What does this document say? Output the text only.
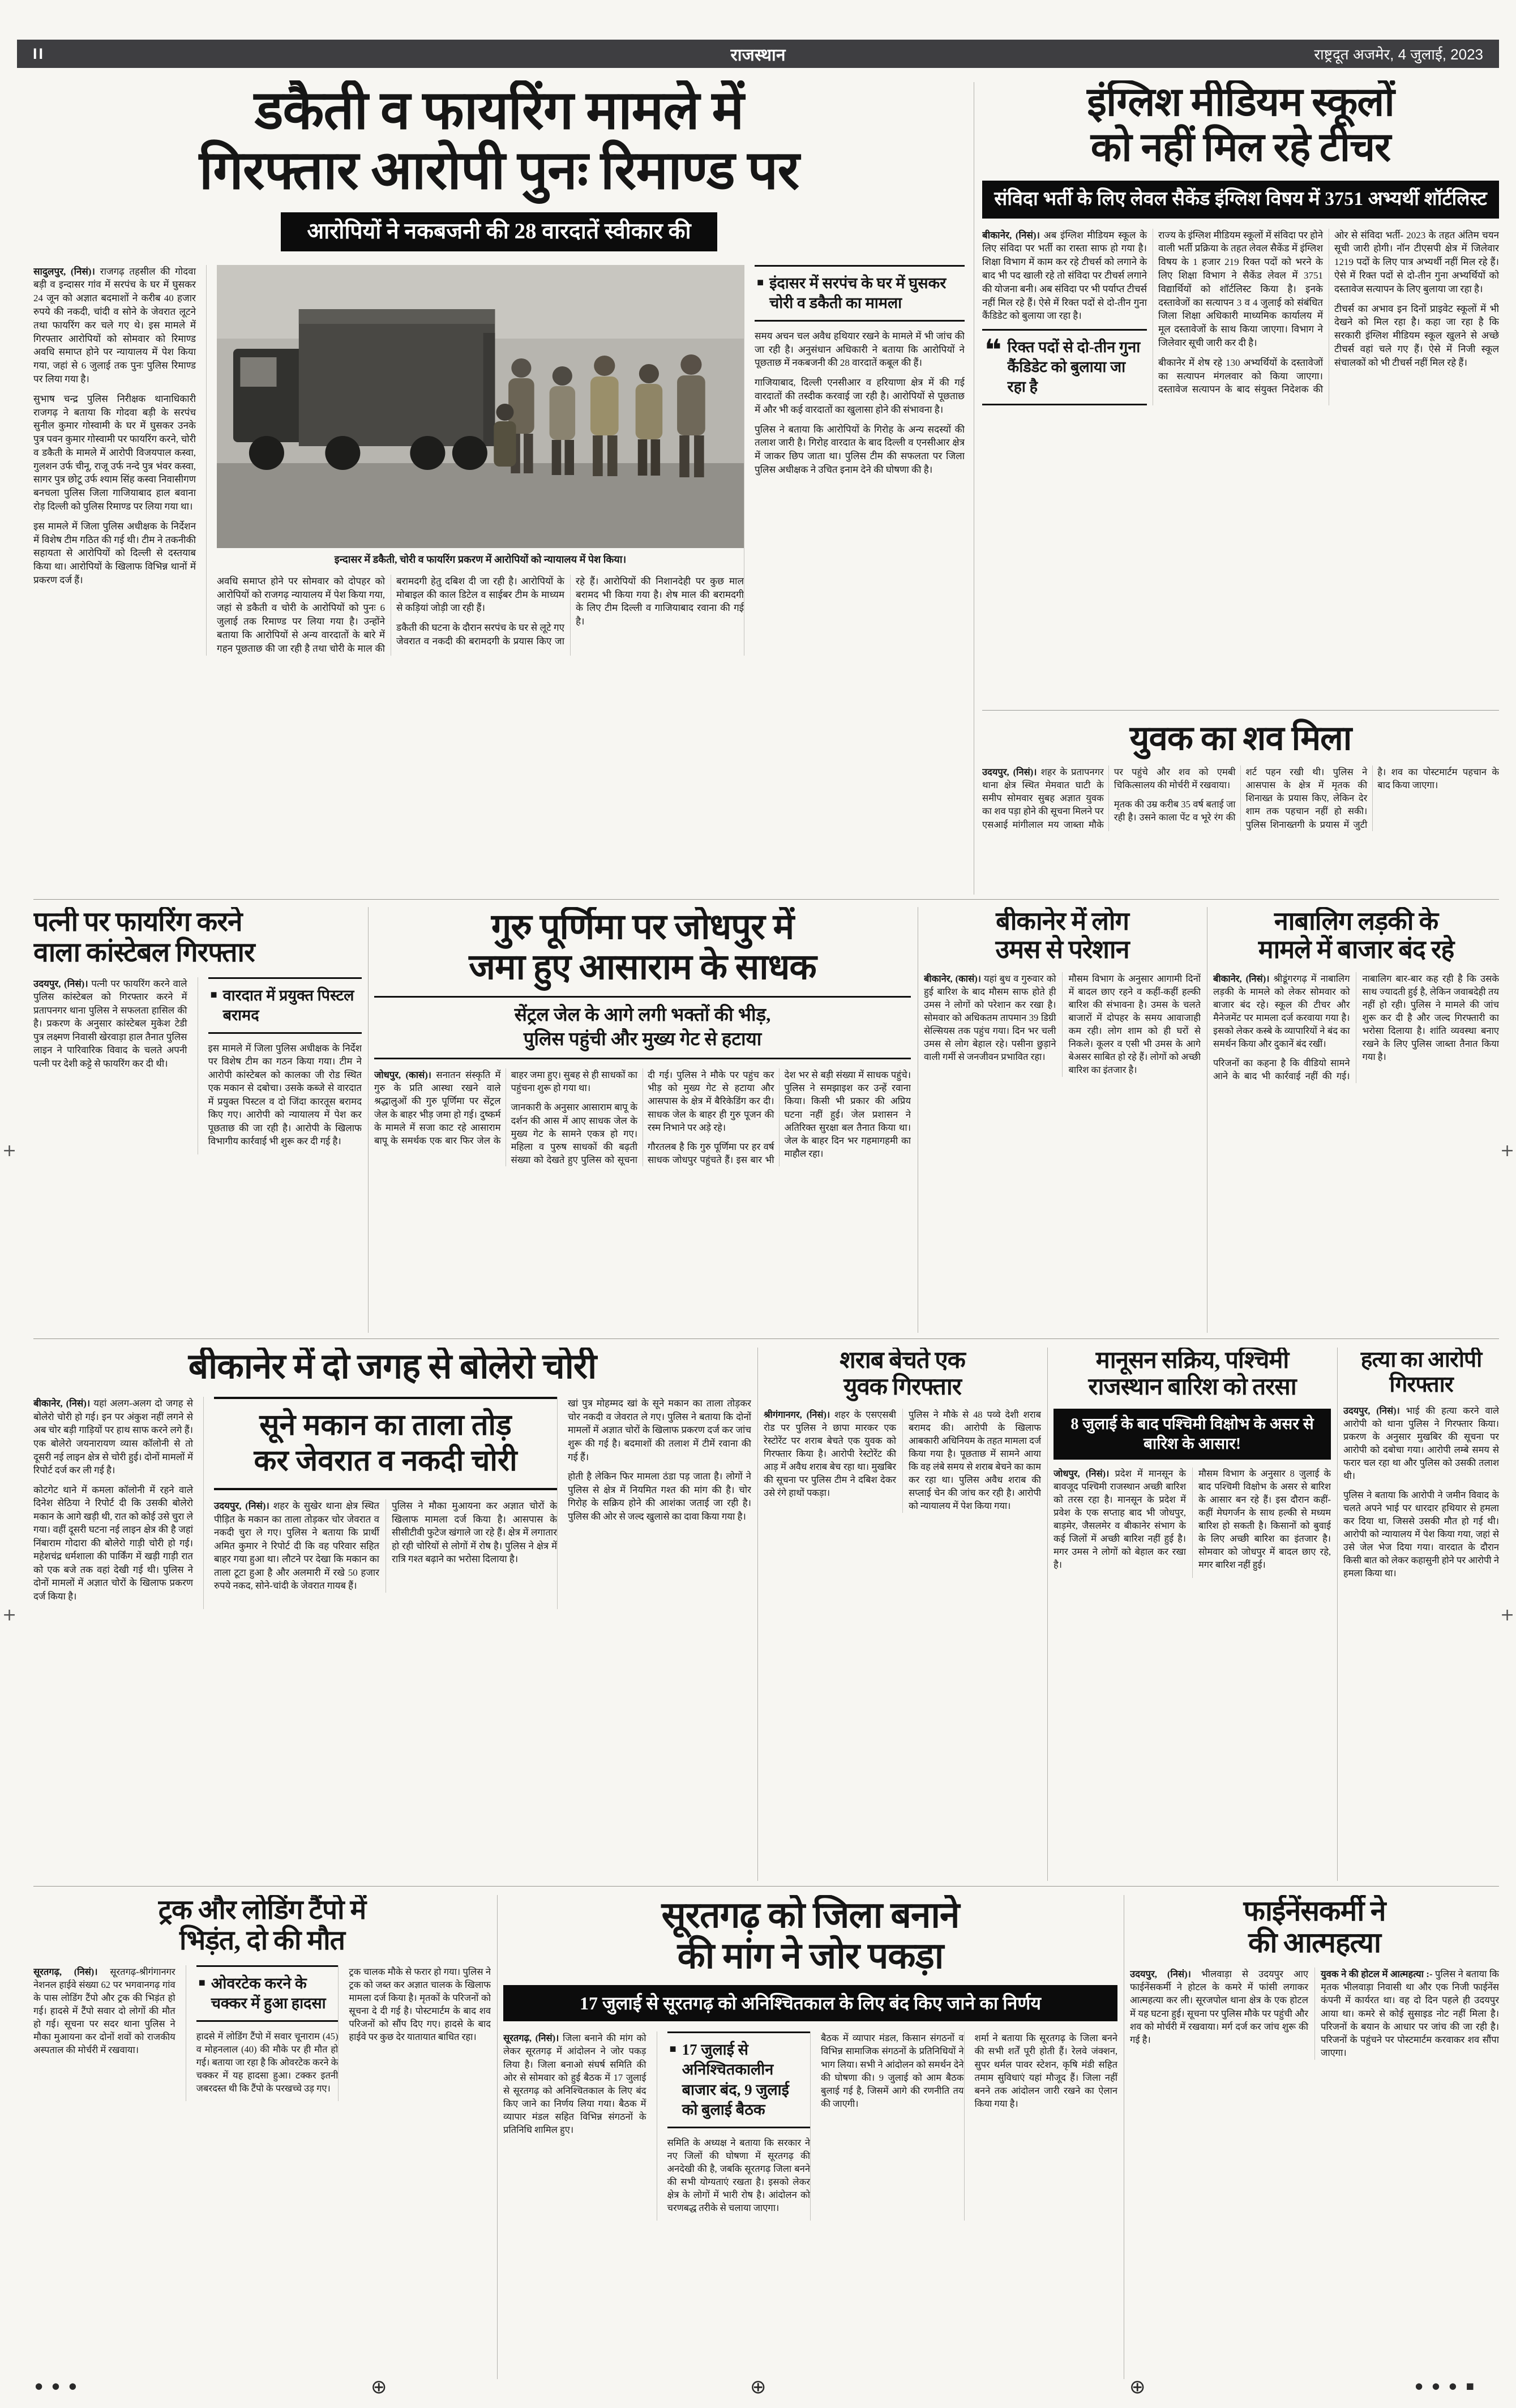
II	राजस्थान	राष्ट्रदूत अजमेर, 4 जुलाई, 2023
डकैती व फायरिंग मामले में
गिरफ्तार आरोपी पुनः रिमाण्ड पर
आरोपियों ने नकबजनी की 28 वारदातें स्वीकार की

सादुलपुर, (निसं)। राजगढ़ तहसील की गोदवा बड़ी व इन्दासर गांव में सरपंच के घर में घुसकर 24 जून को अज्ञात बदमाशों ने करीब 40 हजार रुपये की नकदी, चांदी व सोने के जेवरात लूटने तथा फायरिंग कर चले गए थे। इस मामले में गिरफ्तार आरोपियों को सोमवार को रिमाण्ड अवधि समाप्त होने पर न्यायालय में पेश किया गया, जहां से 6 जुलाई तक पुनः पुलिस रिमाण्ड पर लिया गया है।

सुभाष चन्द्र पुलिस निरीक्षक थानाधिकारी राजगढ़ ने बताया कि गोदवा बड़ी के सरपंच सुनील कुमार गोस्वामी के घर में घुसकर उनके पुत्र पवन कुमार गोस्वामी पर फायरिंग करने, चोरी व डकैती के मामले में आरोपी विजयपाल कस्वा, गुलशन उर्फ चीनू, राजू उर्फ नन्दे पुत्र भंवर कस्वा, सागर पुत्र छोटू उर्फ श्याम सिंह कस्वा निवासीगण बनचला पुलिस जिला गाजियाबाद हाल बवाना रोड़ दिल्ली को पुलिस रिमाण्ड पर लिया गया था।

इस मामले में जिला पुलिस अधीक्षक के निर्देशन में विशेष टीम गठित की गई थी। टीम ने तकनीकी सहायता से आरोपियों को दिल्ली से दस्तयाब किया था। आरोपियों के खिलाफ विभिन्न थानों में प्रकरण दर्ज हैं।

इन्दासर में डकैती, चोरी व फायरिंग प्रकरण में आरोपियों को न्यायालय में पेश किया।

अवधि समाप्त होने पर सोमवार को दोपहर को आरोपियों को राजगढ़ न्यायालय में पेश किया गया, जहां से डकैती व चोरी के आरोपियों को पुनः 6 जुलाई तक रिमाण्ड पर लिया गया है। उन्होंने बताया कि आरोपियों से अन्य वारदातों के बारे में गहन पूछताछ की जा रही है तथा चोरी के माल की बरामदगी हेतु दबिश दी जा रही है। आरोपियों के मोबाइल की काल डिटेल व साईबर टीम के माध्यम से कड़ियां जोड़ी जा रही हैं।

डकैती की घटना के दौरान सरपंच के घर से लूटे गए जेवरात व नकदी की बरामदगी के प्रयास किए जा रहे हैं। आरोपियों की निशानदेही पर कुछ माल बरामद भी किया गया है। शेष माल की बरामदगी के लिए टीम दिल्ली व गाजियाबाद रवाना की गई है।

■ इंदासर में सरपंच के घर में घुसकर चोरी व डकैती का मामला

समय अचन चल अवैध हथियार रखने के मामले में भी जांच की जा रही है। अनुसंधान अधिकारी ने बताया कि आरोपियों ने पूछताछ में नकबजनी की 28 वारदातें कबूल की हैं।

गाजियाबाद, दिल्ली एनसीआर व हरियाणा क्षेत्र में की गई वारदातों की तस्दीक करवाई जा रही है। आरोपियों से पूछताछ में और भी कई वारदातों का खुलासा होने की संभावना है।

पुलिस ने बताया कि आरोपियों के गिरोह के अन्य सदस्यों की तलाश जारी है। गिरोह वारदात के बाद दिल्ली व एनसीआर क्षेत्र में जाकर छिप जाता था। पुलिस टीम की सफलता पर जिला पुलिस अधीक्षक ने उचित इनाम देने की घोषणा की है।

इंग्लिश मीडियम स्कूलों
को नहीं मिल रहे टीचर
संविदा भर्ती के लिए लेवल सैकेंड इंग्लिश विषय में 3751 अभ्यर्थी शॉर्टलिस्ट

बीकानेर, (निसं)। अब इंग्लिश मीडियम स्कूल के लिए संविदा पर भर्ती का रास्ता साफ हो गया है। शिक्षा विभाग में काम कर रहे टीचर्स को लगाने के बाद भी पद खाली रहे तो संविदा पर टीचर्स लगाने की योजना बनी। अब संविदा पर भी पर्याप्त टीचर्स नहीं मिल रहे हैं। ऐसे में रिक्त पदों से दो-तीन गुना कैंडिडेट को बुलाया जा रहा है।

❝ रिक्त पदों से दो-तीन गुना कैंडिडेट को बुलाया जा रहा है

राज्य के इंग्लिश मीडियम स्कूलों में संविदा पर होने वाली भर्ती प्रक्रिया के तहत लेवल सैकेंड में इंग्लिश विषय के 1 हजार 219 रिक्त पदों को भरने के लिए शिक्षा विभाग ने सैकेंड लेवल में 3751 विद्यार्थियों को शॉर्टलिस्ट किया है। इनके दस्तावेजों का सत्यापन 3 व 4 जुलाई को संबंधित जिला शिक्षा अधिकारी माध्यमिक कार्यालय में मूल दस्तावेजों के साथ किया जाएगा। विभाग ने जिलेवार सूची जारी कर दी है।

बीकानेर में शेष रहे 130 अभ्यर्थियों के दस्तावेजों का सत्यापन मंगलवार को किया जाएगा। दस्तावेज सत्यापन के बाद संयुक्त निदेशक की ओर से संविदा भर्ती- 2023 के तहत अंतिम चयन सूची जारी होगी। नॉन टीएसपी क्षेत्र में जिलेवार 1219 पदों के लिए पात्र अभ्यर्थी नहीं मिल रहे हैं। ऐसे में रिक्त पदों से दो-तीन गुना अभ्यर्थियों को दस्तावेज सत्यापन के लिए बुलाया जा रहा है।

टीचर्स का अभाव इन दिनों प्राइवेट स्कूलों में भी देखने को मिल रहा है। कहा जा रहा है कि सरकारी इंग्लिश मीडियम स्कूल खुलने से अच्छे टीचर्स वहां चले गए हैं। ऐसे में निजी स्कूल संचालकों को भी टीचर्स नहीं मिल रहे हैं।

युवक का शव मिला

उदयपुर, (निसं)। शहर के प्रतापनगर थाना क्षेत्र स्थित मेमवात घाटी के समीप सोमवार सुबह अज्ञात युवक का शव पड़ा होने की सूचना मिलने पर एसआई मांगीलाल मय जाब्ता मौके पर पहुंचे और शव को एमबी चिकित्सालय की मोर्चरी में रखवाया।

मृतक की उम्र करीब 35 वर्ष बताई जा रही है। उसने काला पेंट व भूरे रंग की शर्ट पहन रखी थी। पुलिस ने आसपास के क्षेत्र में मृतक की शिनाख्त के प्रयास किए, लेकिन देर शाम तक पहचान नहीं हो सकी। पुलिस शिनाख्तगी के प्रयास में जुटी है। शव का पोस्टमार्टम पहचान के बाद किया जाएगा।

पत्नी पर फायरिंग करने
वाला कांस्टेबल गिरफ्तार

उदयपुर, (निसं)। पत्नी पर फायरिंग करने वाले पुलिस कांस्टेबल को गिरफ्तार करने में प्रतापनगर थाना पुलिस ने सफलता हासिल की है। प्रकरण के अनुसार कांस्टेबल मुकेश टेडी पुत्र लक्ष्मण निवासी खेरवाड़ा हाल तैनात पुलिस लाइन ने पारिवारिक विवाद के चलते अपनी पत्नी पर देशी कट्टे से फायरिंग कर दी थी।

■ वारदात में प्रयुक्त पिस्टल बरामद

इस मामले में जिला पुलिस अधीक्षक के निर्देश पर विशेष टीम का गठन किया गया। टीम ने आरोपी कांस्टेबल को कालका जी रोड स्थित एक मकान से दबोचा। उसके कब्जे से वारदात में प्रयुक्त पिस्टल व दो जिंदा कारतूस बरामद किए गए। आरोपी को न्यायालय में पेश कर पूछताछ की जा रही है। आरोपी के खिलाफ विभागीय कार्रवाई भी शुरू कर दी गई है।

गुरु पूर्णिमा पर जोधपुर में
जमा हुए आसाराम के साधक
सेंट्रल जेल के आगे लगी भक्तों की भीड़,
पुलिस पहुंची और मुख्य गेट से हटाया

जोधपुर, (कासं)। सनातन संस्कृति में गुरु के प्रति आस्था रखने वाले श्रद्धालुओं की गुरु पूर्णिमा पर सेंट्रल जेल के बाहर भीड़ जमा हो गई। दुष्कर्म के मामले में सजा काट रहे आसाराम बापू के समर्थक एक बार फिर जेल के बाहर जमा हुए। सुबह से ही साधकों का पहुंचना शुरू हो गया था।

जानकारी के अनुसार आसाराम बापू के दर्शन की आस में आए साधक जेल के मुख्य गेट के सामने एकत्र हो गए। महिला व पुरुष साधकों की बढ़ती संख्या को देखते हुए पुलिस को सूचना दी गई। पुलिस ने मौके पर पहुंच कर भीड़ को मुख्य गेट से हटाया और आसपास के क्षेत्र में बैरिकेडिंग कर दी। साधक जेल के बाहर ही गुरु पूजन की रस्म निभाने पर अड़े रहे।

गौरतलब है कि गुरु पूर्णिमा पर हर वर्ष साधक जोधपुर पहुंचते हैं। इस बार भी देश भर से बड़ी संख्या में साधक पहुंचे। पुलिस ने समझाइश कर उन्हें रवाना किया। किसी भी प्रकार की अप्रिय घटना नहीं हुई। जेल प्रशासन ने अतिरिक्त सुरक्षा बल तैनात किया था। जेल के बाहर दिन भर गहमागहमी का माहौल रहा।

बीकानेर में लोग
उमस से परेशान

बीकानेर, (कासं)। यहां बुध व गुरुवार को हुई बारिश के बाद मौसम साफ होते ही उमस ने लोगों को परेशान कर रखा है। सोमवार को अधिकतम तापमान 39 डिग्री सेल्सियस तक पहुंच गया। दिन भर चली उमस से लोग बेहाल रहे। पसीना छुड़ाने वाली गर्मी से जनजीवन प्रभावित रहा।

मौसम विभाग के अनुसार आगामी दिनों में बादल छाए रहने व कहीं-कहीं हल्की बारिश की संभावना है। उमस के चलते बाजारों में दोपहर के समय आवाजाही कम रही। लोग शाम को ही घरों से निकले। कूलर व एसी भी उमस के आगे बेअसर साबित हो रहे हैं। लोगों को अच्छी बारिश का इंतजार है।

नाबालिग लड़की के
मामले में बाजार बंद रहे

बीकानेर, (निसं)। श्रीडूंगरगढ़ में नाबालिग लड़की के मामले को लेकर सोमवार को बाजार बंद रहे। स्कूल की टीचर और मैनेजमेंट पर मामला दर्ज करवाया गया है। इसको लेकर कस्बे के व्यापारियों ने बंद का समर्थन किया और दुकानें बंद रखीं।

परिजनों का कहना है कि वीडियो सामने आने के बाद भी कार्रवाई नहीं की गई। नाबालिग बार-बार कह रही है कि उसके साथ ज्यादती हुई है, लेकिन जवाबदेही तय नहीं हो रही। पुलिस ने मामले की जांच शुरू कर दी है और जल्द गिरफ्तारी का भरोसा दिलाया है। शांति व्यवस्था बनाए रखने के लिए पुलिस जाब्ता तैनात किया गया है।

बीकानेर में दो जगह से बोलेरो चोरी

बीकानेर, (निसं)। यहां अलग-अलग दो जगह से बोलेरो चोरी हो गई। इन पर अंकुश नहीं लगने से अब चोर बड़ी गाड़ियों पर हाथ साफ करने लगे हैं। एक बोलेरो जयनारायण व्यास कॉलोनी से तो दूसरी नई लाइन क्षेत्र से चोरी हुई। दोनों मामलों में रिपोर्ट दर्ज कर ली गई है।

कोटगेट थाने में कमला कॉलोनी में रहने वाले दिनेश सेठिया ने रिपोर्ट दी कि उसकी बोलेरो मकान के आगे खड़ी थी, रात को कोई उसे चुरा ले गया। वहीं दूसरी घटना नई लाइन क्षेत्र की है जहां निंबाराम गोदारा की बोलेरो गाड़ी चोरी हो गई। महेशचंद्र धर्मशाला की पार्किंग में खड़ी गाड़ी रात को एक बजे तक वहां देखी गई थी। पुलिस ने दोनों मामलों में अज्ञात चोरों के खिलाफ प्रकरण दर्ज किया है।

सूने मकान का ताला तोड़
कर जेवरात व नकदी चोरी

उदयपुर, (निसं)। शहर के सुखेर थाना क्षेत्र स्थित पीड़ित के मकान का ताला तोड़कर चोर जेवरात व नकदी चुरा ले गए। पुलिस ने बताया कि प्रार्थी अमित कुमार ने रिपोर्ट दी कि वह परिवार सहित बाहर गया हुआ था। लौटने पर देखा कि मकान का ताला टूटा हुआ है और अलमारी में रखे 50 हजार रुपये नकद, सोने-चांदी के जेवरात गायब हैं।

पुलिस ने मौका मुआयना कर अज्ञात चोरों के खिलाफ मामला दर्ज किया है। आसपास के सीसीटीवी फुटेज खंगाले जा रहे हैं। क्षेत्र में लगातार हो रही चोरियों से लोगों में रोष है। पुलिस ने क्षेत्र में रात्रि गश्त बढ़ाने का भरोसा दिलाया है।

खां पुत्र मोहम्मद खां के सूने मकान का ताला तोड़कर चोर नकदी व जेवरात ले गए। पुलिस ने बताया कि दोनों मामलों में अज्ञात चोरों के खिलाफ प्रकरण दर्ज कर जांच शुरू की गई है। बदमाशों की तलाश में टीमें रवाना की गई हैं।

होती है लेकिन फिर मामला ठंडा पड़ जाता है। लोगों ने पुलिस से क्षेत्र में नियमित गश्त की मांग की है। चोर गिरोह के सक्रिय होने की आशंका जताई जा रही है। पुलिस की ओर से जल्द खुलासे का दावा किया गया है।

शराब बेचते एक
युवक गिरफ्तार

श्रीगंगानगर, (निसं)। शहर के एसएसबी रोड पर पुलिस ने छापा मारकर एक रेस्टोरेंट पर शराब बेचते एक युवक को गिरफ्तार किया है। आरोपी रेस्टोरेंट की आड़ में अवैध शराब बेच रहा था। मुखबिर की सूचना पर पुलिस टीम ने दबिश देकर उसे रंगे हाथों पकड़ा।

पुलिस ने मौके से 48 पव्वे देशी शराब बरामद की। आरोपी के खिलाफ आबकारी अधिनियम के तहत मामला दर्ज किया गया है। पूछताछ में सामने आया कि वह लंबे समय से शराब बेचने का काम कर रहा था। पुलिस अवैध शराब की सप्लाई चेन की जांच कर रही है। आरोपी को न्यायालय में पेश किया गया।

मानूसन सक्रिय, पश्चिमी
राजस्थान बारिश को तरसा
8 जुलाई के बाद पश्चिमी विक्षोभ के असर से बारिश के आसार!

जोधपुर, (निसं)। प्रदेश में मानसून के बावजूद पश्चिमी राजस्थान अच्छी बारिश को तरस रहा है। मानसून के प्रदेश में प्रवेश के एक सप्ताह बाद भी जोधपुर, बाड़मेर, जैसलमेर व बीकानेर संभाग के कई जिलों में अच्छी बारिश नहीं हुई है। मगर उमस ने लोगों को बेहाल कर रखा है।

मौसम विभाग के अनुसार 8 जुलाई के बाद पश्चिमी विक्षोभ के असर से बारिश के आसार बन रहे हैं। इस दौरान कहीं-कहीं मेघगर्जन के साथ हल्की से मध्यम बारिश हो सकती है। किसानों को बुवाई के लिए अच्छी बारिश का इंतजार है। सोमवार को जोधपुर में बादल छाए रहे, मगर बारिश नहीं हुई।

हत्या का आरोपी
गिरफ्तार

उदयपुर, (निसं)। भाई की हत्या करने वाले आरोपी को थाना पुलिस ने गिरफ्तार किया। प्रकरण के अनुसार मुखबिर की सूचना पर आरोपी को दबोचा गया। आरोपी लम्बे समय से फरार चल रहा था और पुलिस को उसकी तलाश थी।

पुलिस ने बताया कि आरोपी ने जमीन विवाद के चलते अपने भाई पर धारदार हथियार से हमला कर दिया था, जिससे उसकी मौत हो गई थी। आरोपी को न्यायालय में पेश किया गया, जहां से उसे जेल भेज दिया गया। वारदात के दौरान किसी बात को लेकर कहासुनी होने पर आरोपी ने हमला किया था।

ट्रक और लोडिंग टैंपो में
भिड़ंत, दो की मौत

सूरतगढ़, (निसं)। सूरतगढ़-श्रीगंगानगर नेशनल हाईवे संख्या 62 पर भगवानगढ़ गांव के पास लोडिंग टैंपो और ट्रक की भिड़ंत हो गई। हादसे में टैंपो सवार दो लोगों की मौत हो गई। सूचना पर सदर थाना पुलिस ने मौका मुआयना कर दोनों शवों को राजकीय अस्पताल की मोर्चरी में रखवाया।

■ ओवरटेक करने के चक्कर में हुआ हादसा

हादसे में लोडिंग टैंपो में सवार चूनाराम (45) व मोहनलाल (40) की मौके पर ही मौत हो गई। बताया जा रहा है कि ओवरटेक करने के चक्कर में यह हादसा हुआ। टक्कर इतनी जबरदस्त थी कि टैंपो के परखच्चे उड़ गए।

ट्रक चालक मौके से फरार हो गया। पुलिस ने ट्रक को जब्त कर अज्ञात चालक के खिलाफ मामला दर्ज किया है। मृतकों के परिजनों को सूचना दे दी गई है। पोस्टमार्टम के बाद शव परिजनों को सौंप दिए गए। हादसे के बाद हाईवे पर कुछ देर यातायात बाधित रहा।

सूरतगढ़ को जिला बनाने
की मांग ने जोर पकड़ा
17 जुलाई से सूरतगढ़ को अनिश्चितकाल के लिए बंद किए जाने का निर्णय

सूरतगढ़, (निसं)। जिला बनाने की मांग को लेकर सूरतगढ़ में आंदोलन ने जोर पकड़ लिया है। जिला बनाओ संघर्ष समिति की ओर से सोमवार को हुई बैठक में 17 जुलाई से सूरतगढ़ को अनिश्चितकाल के लिए बंद किए जाने का निर्णय लिया गया। बैठक में व्यापार मंडल सहित विभिन्न संगठनों के प्रतिनिधि शामिल हुए।

■ 17 जुलाई से अनिश्चितकालीन बाजार बंद, 9 जुलाई को बुलाई बैठक

समिति के अध्यक्ष ने बताया कि सरकार ने नए जिलों की घोषणा में सूरतगढ़ की अनदेखी की है, जबकि सूरतगढ़ जिला बनने की सभी योग्यताएं रखता है। इसको लेकर क्षेत्र के लोगों में भारी रोष है। आंदोलन को चरणबद्ध तरीके से चलाया जाएगा।

बैठक में व्यापार मंडल, किसान संगठनों व विभिन्न सामाजिक संगठनों के प्रतिनिधियों ने भाग लिया। सभी ने आंदोलन को समर्थन देने की घोषणा की। 9 जुलाई को आम बैठक बुलाई गई है, जिसमें आगे की रणनीति तय की जाएगी।

शर्मा ने बताया कि सूरतगढ़ के जिला बनने की सभी शर्तें पूरी होती हैं। रेलवे जंक्शन, सुपर थर्मल पावर स्टेशन, कृषि मंडी सहित तमाम सुविधाएं यहां मौजूद हैं। जिला नहीं बनने तक आंदोलन जारी रखने का ऐलान किया गया है।

फाईनेंसकर्मी ने
की आत्महत्या

उदयपुर, (निसं)। भीलवाड़ा से उदयपुर आए फाईनेंसकर्मी ने होटल के कमरे में फांसी लगाकर आत्महत्या कर ली। सूरजपोल थाना क्षेत्र के एक होटल में यह घटना हुई। सूचना पर पुलिस मौके पर पहुंची और शव को मोर्चरी में रखवाया। मर्ग दर्ज कर जांच शुरू की गई है।

युवक ने की होटल में आत्महत्या :- पुलिस ने बताया कि मृतक भीलवाड़ा निवासी था और एक निजी फाईनेंस कंपनी में कार्यरत था। वह दो दिन पहले ही उदयपुर आया था। कमरे से कोई सुसाइड नोट नहीं मिला है। परिजनों के बयान के आधार पर जांच की जा रही है। परिजनों के पहुंचने पर पोस्टमार्टम करवाकर शव सौंपा जाएगा।

+	+
+	+
● ● ●	⊕	⊕	⊕	● ● ● ■
